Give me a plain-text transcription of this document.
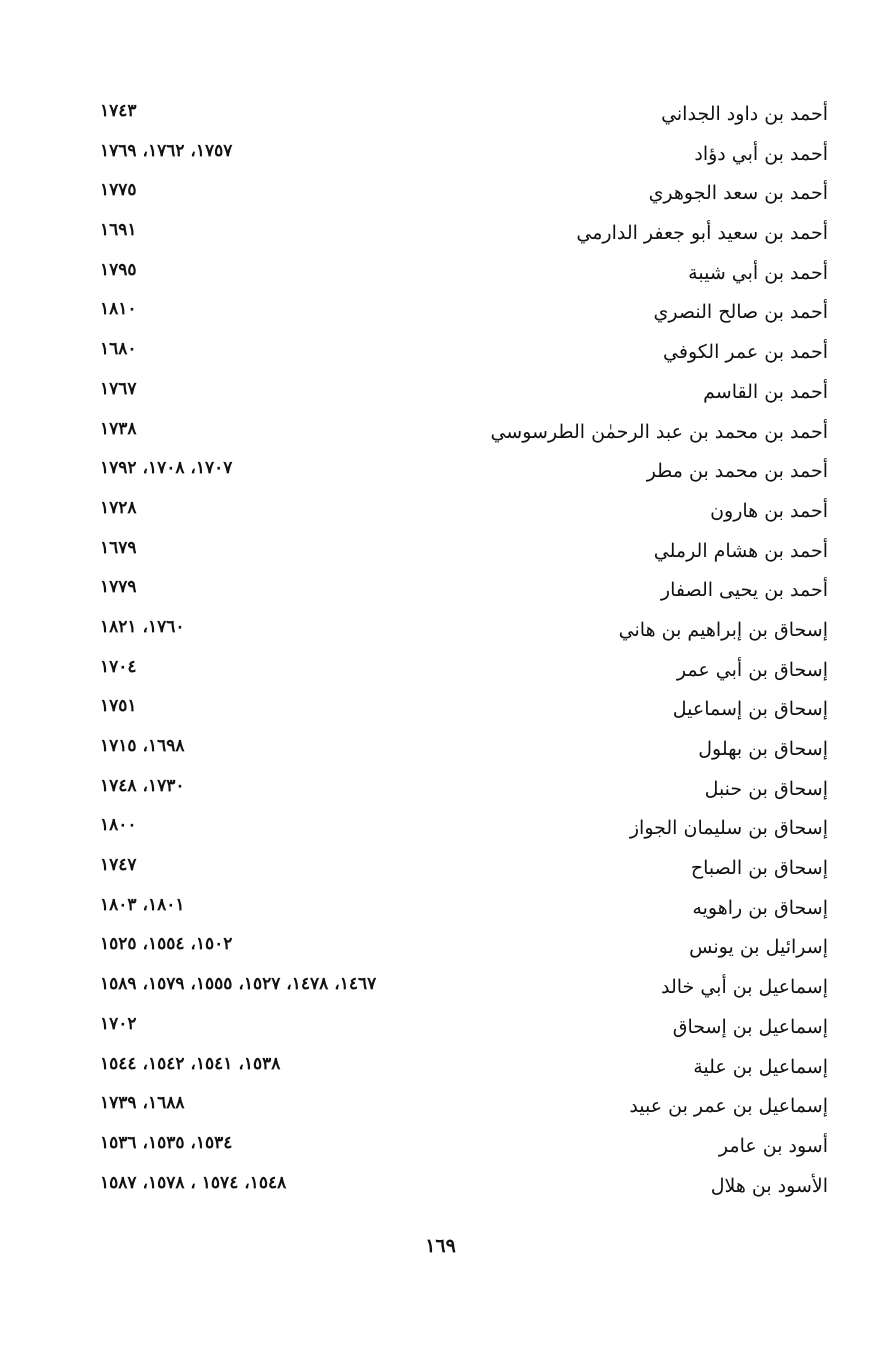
أحمد بن داود الجداني
١٧٤٣
أحمد بن أبي دؤاد
١٧٥٧، ١٧٦٢، ١٧٦٩
أحمد بن سعد الجوهري
١٧٧٥
أحمد بن سعيد أبو جعفر الدارمي
١٦٩١
أحمد بن أبي شيبة
١٧٩٥
أحمد بن صالح النصري
١٨١٠
أحمد بن عمر الكوفي
١٦٨٠
أحمد بن القاسم
١٧٦٧
أحمد بن محمد بن عبد الرحمٰن الطرسوسي
١٧٣٨
أحمد بن محمد بن مطر
١٧٠٧، ١٧٠٨، ١٧٩٢
أحمد بن هارون
١٧٢٨
أحمد بن هشام الرملي
١٦٧٩
أحمد بن يحيى الصفار
١٧٧٩
إسحاق بن إبراهيم بن هاني
١٧٦٠، ١٨٢١
إسحاق بن أبي عمر
١٧٠٤
إسحاق بن إسماعيل
١٧٥١
إسحاق بن بهلول
١٦٩٨، ١٧١٥
إسحاق بن حنبل
١٧٣٠، ١٧٤٨
إسحاق بن سليمان الجواز
١٨٠٠
إسحاق بن الصباح
١٧٤٧
إسحاق بن راهويه
١٨٠١، ١٨٠٣
إسرائيل بن يونس
١٥٠٢، ١٥٥٤، ١٥٢٥
إسماعيل بن أبي خالد
١٤٦٧، ١٤٧٨، ١٥٢٧، ١٥٥٥، ١٥٧٩، ١٥٨٩
إسماعيل بن إسحاق
١٧٠٢
إسماعيل بن علية
١٥٣٨، ١٥٤١، ١٥٤٢، ١٥٤٤
إسماعيل بن عمر بن عبيد
١٦٨٨، ١٧٣٩
أسود بن عامر
١٥٣٤، ١٥٣٥، ١٥٣٦
الأسود بن هلال
١٥٤٨، ١٥٧٤ ، ١٥٧٨، ١٥٨٧
١٦٩
